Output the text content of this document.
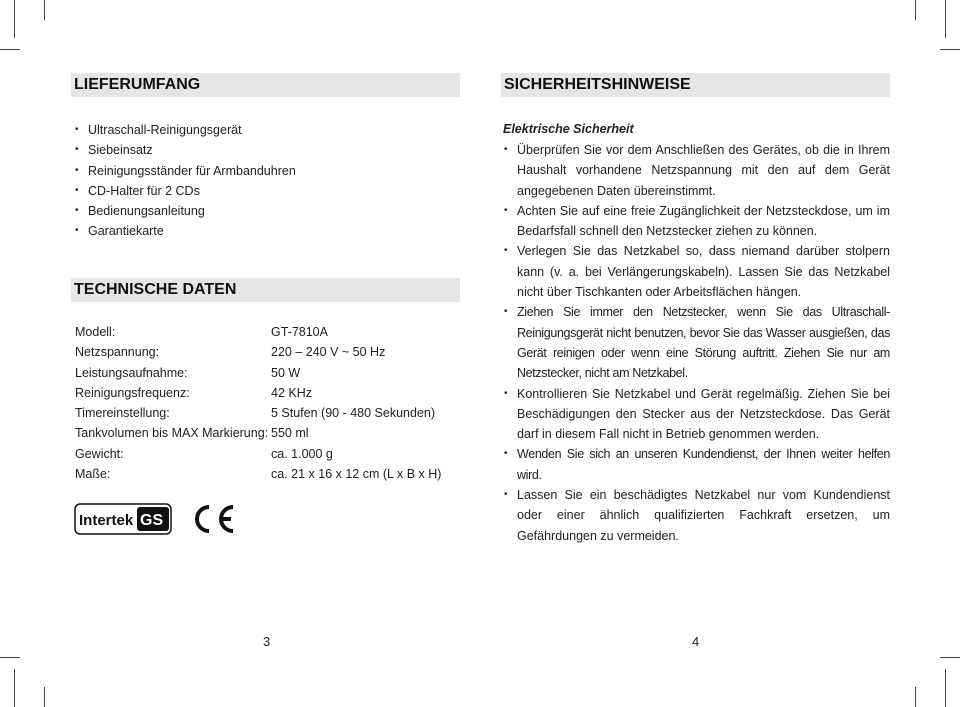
LIEFERUMFANG
• Ultraschall-Reinigungsgerät
• Siebeinsatz
• Reinigungsständer für Armbanduhren
• CD-Halter für 2 CDs
• Bedienungsanleitung
• Garantiekarte
TECHNISCHE DATEN
Modell:	GT-7810A
Netzspannung:	220 – 240 V ~ 50 Hz
Leistungsaufnahme:	50 W
Reinigungsfrequenz:	42 KHz
Timereinstellung:	5 Stufen (90 - 480 Sekunden)
Tankvolumen bis MAX Markierung: 550 ml
Gewicht:	ca. 1.000 g
Maße:	ca. 21 x 16 x 12 cm (L x B x H)
Intertek GS
3
SICHERHEITSHINWEISE
Elektrische Sicherheit
• Überprüfen Sie vor dem Anschließen des Gerätes, ob die in Ihrem Haushalt vorhandene Netzspannung mit den auf dem Gerät angegebenen Daten übereinstimmt.
• Achten Sie auf eine freie Zugänglichkeit der Netzsteckdose, um im Bedarfsfall schnell den Netzstecker ziehen zu können.
• Verlegen Sie das Netzkabel so, dass niemand darüber stolpern kann (v. a. bei Verlängerungskabeln). Lassen Sie das Netzkabel nicht über Tischkanten oder Arbeitsflächen hängen.
• Ziehen Sie immer den Netzstecker, wenn Sie das Ultraschall-Reinigungsgerät nicht benutzen, bevor Sie das Wasser ausgießen, das Gerät reinigen oder wenn eine Störung auftritt. Ziehen Sie nur am Netzstecker, nicht am Netzkabel.
• Kontrollieren Sie Netzkabel und Gerät regelmäßig. Ziehen Sie bei Beschädigungen den Stecker aus der Netzsteckdose. Das Gerät darf in diesem Fall nicht in Betrieb genommen werden.
• Wenden Sie sich an unseren Kundendienst, der Ihnen weiter helfen wird.
• Lassen Sie ein beschädigtes Netzkabel nur vom Kundendienst oder einer ähnlich qualifizierten Fachkraft ersetzen, um Gefährdungen zu vermeiden.
4
